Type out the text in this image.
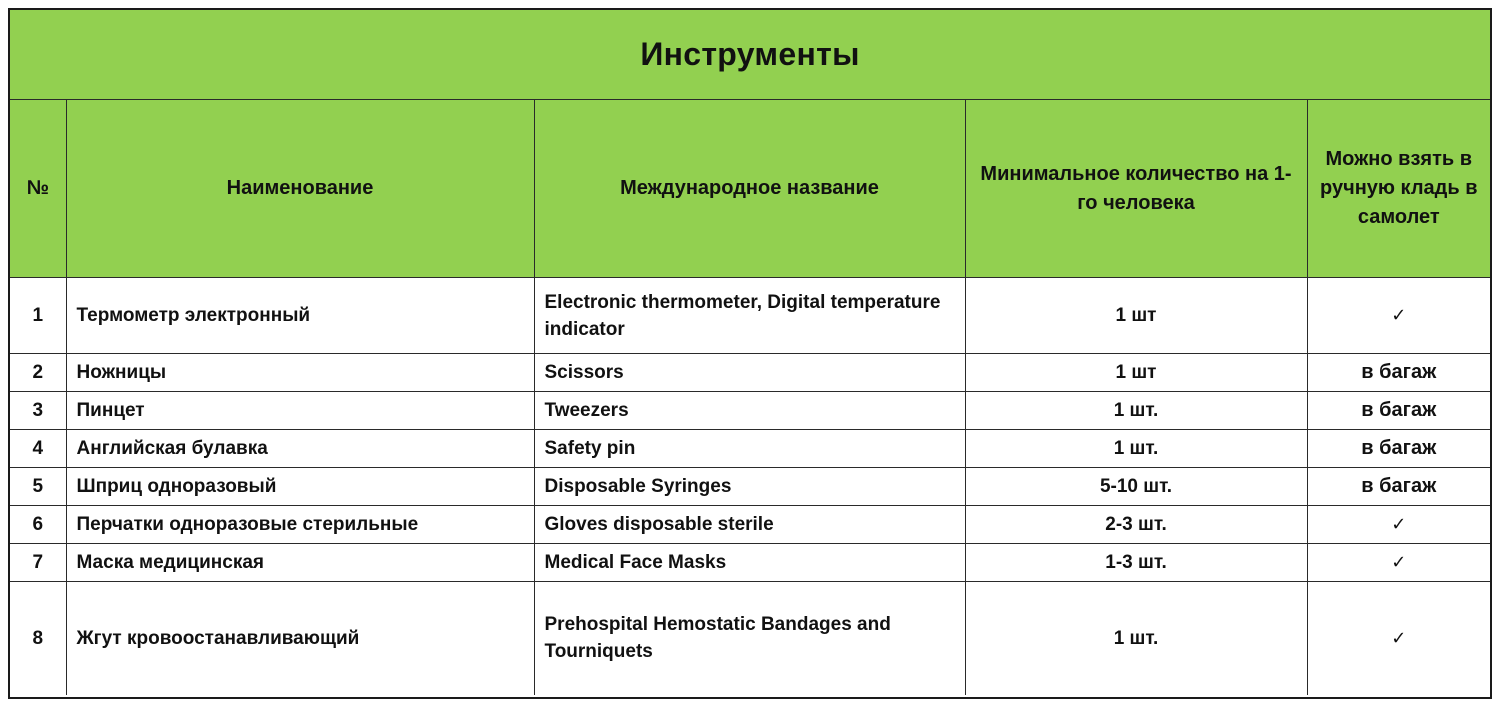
Инструменты				
№	Наименование	Международное название	Минимальное количество на 1-го человека	Можно взять в ручную кладь в самолет
1	Термометр электронный	Electronic thermometer, Digital temperature indicator	1 шт	✓
2	Ножницы	Scissors	1 шт	в багаж
3	Пинцет	Tweezers	1 шт.	в багаж
4	Английская булавка	Safety pin	1 шт.	в багаж
5	Шприц одноразовый	Disposable Syringes	5-10 шт.	в багаж
6	Перчатки одноразовые стерильные	Gloves disposable sterile	2-3 шт.	✓
7	Маска медицинская	Medical Face Masks	1-3 шт.	✓
8	Жгут кровоостанавливающий	Prehospital Hemostatic Bandages and Tourniquets	1 шт.	✓
